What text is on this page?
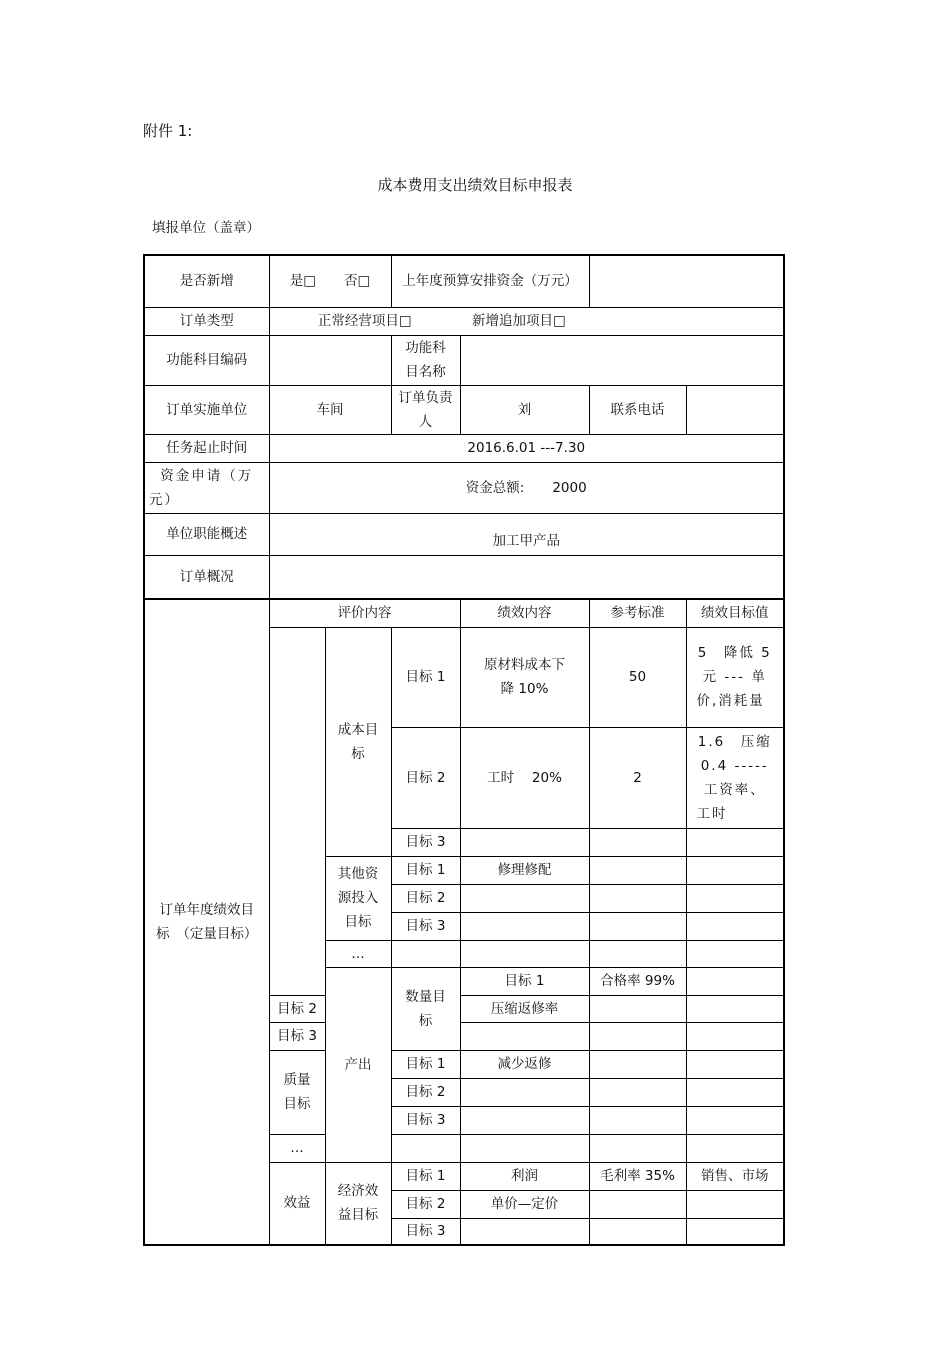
附件 1:
成本费用支出绩效目标申报表
填报单位（盖章）
是否新增	是□ 否□		上年度预算安排资金（万元）				
订单类型	正常经营项目□			新增追加项目□			
功能科目编码			功能科目名称				
订单实施单位	车间		订单负责人	刘	联系电话		
任务起止时间	2016.6.01 ---7.30						
资金申请（万元）	资金总额: 2000						
单位职能概述	加工甲产品						
订单概况							
订单年度绩效目标　（定量目标）	评价内容			绩效内容	参考标准	绩效目标值	
		成本目标	目标 1	原材料成本下降 10%	50	5　降低 5 元 --- 单价,消耗量	
			目标 2	工时　 20%	2	1.6　压缩 0.4 ----- 工资率、工时	
			目标 3				
		其他资源投入目标	目标 1	修理修配			
			目标 2				
			目标 3				
		…					
		产出	数量目标	目标 1	合格率 99%		
	目标 2			压缩返修率			
	目标 3						
	质量目标		目标 1	减少返修			
			目标 2				
			目标 3				
	…						
	效益	经济效益目标	目标 1	利润	毛利率 35%	销售、市场	
			目标 2	单价—定价			
			目标 3				
